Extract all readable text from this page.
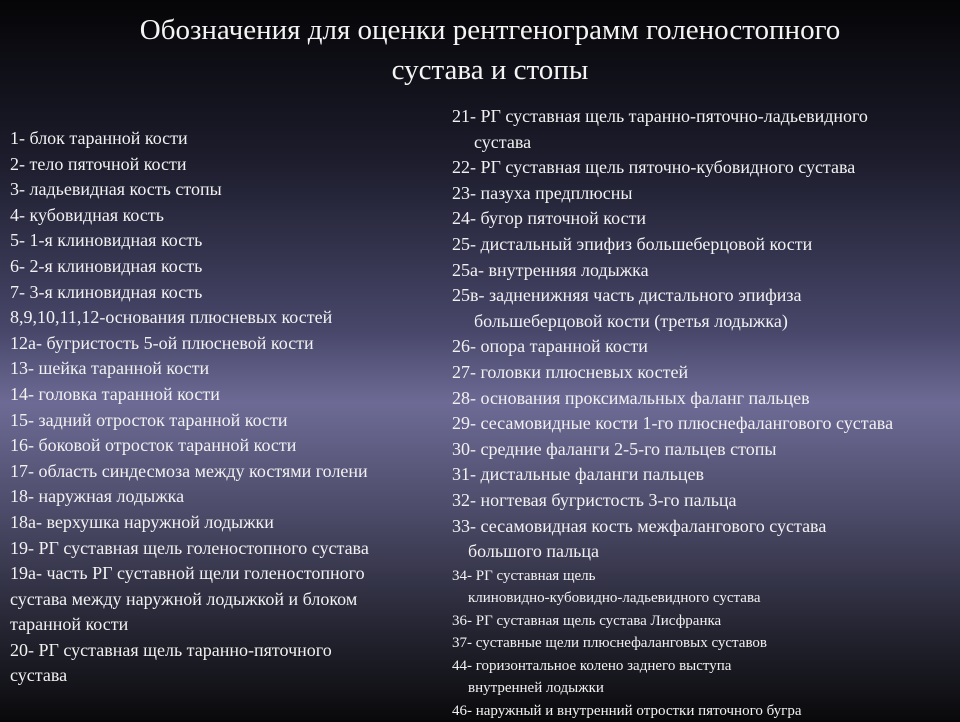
Обозначения для оценки рентгенограмм голеностопного
сустава и стопы
1- блок таранной кости
2- тело пяточной кости
3- ладьевидная кость стопы
4- кубовидная кость
5- 1-я клиновидная кость
6- 2-я клиновидная кость
7- 3-я клиновидная кость
8,9,10,11,12-основания плюсневых костей
12а- бугристость 5-ой плюсневой кости
13- шейка таранной кости
14- головка таранной кости
15- задний отросток таранной кости
16- боковой отросток таранной кости
17- область синдесмоза между костями голени
18- наружная лодыжка
18а- верхушка наружной лодыжки
19- РГ суставная щель голеностопного сустава
19а- часть РГ суставной щели голеностопного
сустава между наружной лодыжкой и блоком
таранной кости
20- РГ суставная щель таранно-пяточного
сустава
21- РГ суставная щель таранно-пяточно-ладьевидного
сустава
22- РГ суставная щель пяточно-кубовидного сустава
23- пазуха предплюсны
24- бугор пяточной кости
25- дистальный эпифиз большеберцовой кости
25а- внутренняя лодыжка
25в- задненижняя часть дистального эпифиза
большеберцовой кости (третья лодыжка)
26- опора таранной кости
27- головки плюсневых костей
28- основания проксимальных фаланг пальцев
29- сесамовидные кости 1-го плюснефалангового сустава
30- средние фаланги 2-5-го пальцев стопы
31- дистальные фаланги пальцев
32- ногтевая бугристость 3-го пальца
33- сесамовидная кость межфалангового сустава
большого пальца
34- РГ суставная щель
клиновидно-кубовидно-ладьевидного сустава
36- РГ суставная щель сустава Лисфранка
37- суставные щели плюснефаланговых суставов
44- горизонтальное колено заднего выступа
внутренней лодыжки
46- наружный и внутренний отростки пяточного бугра
